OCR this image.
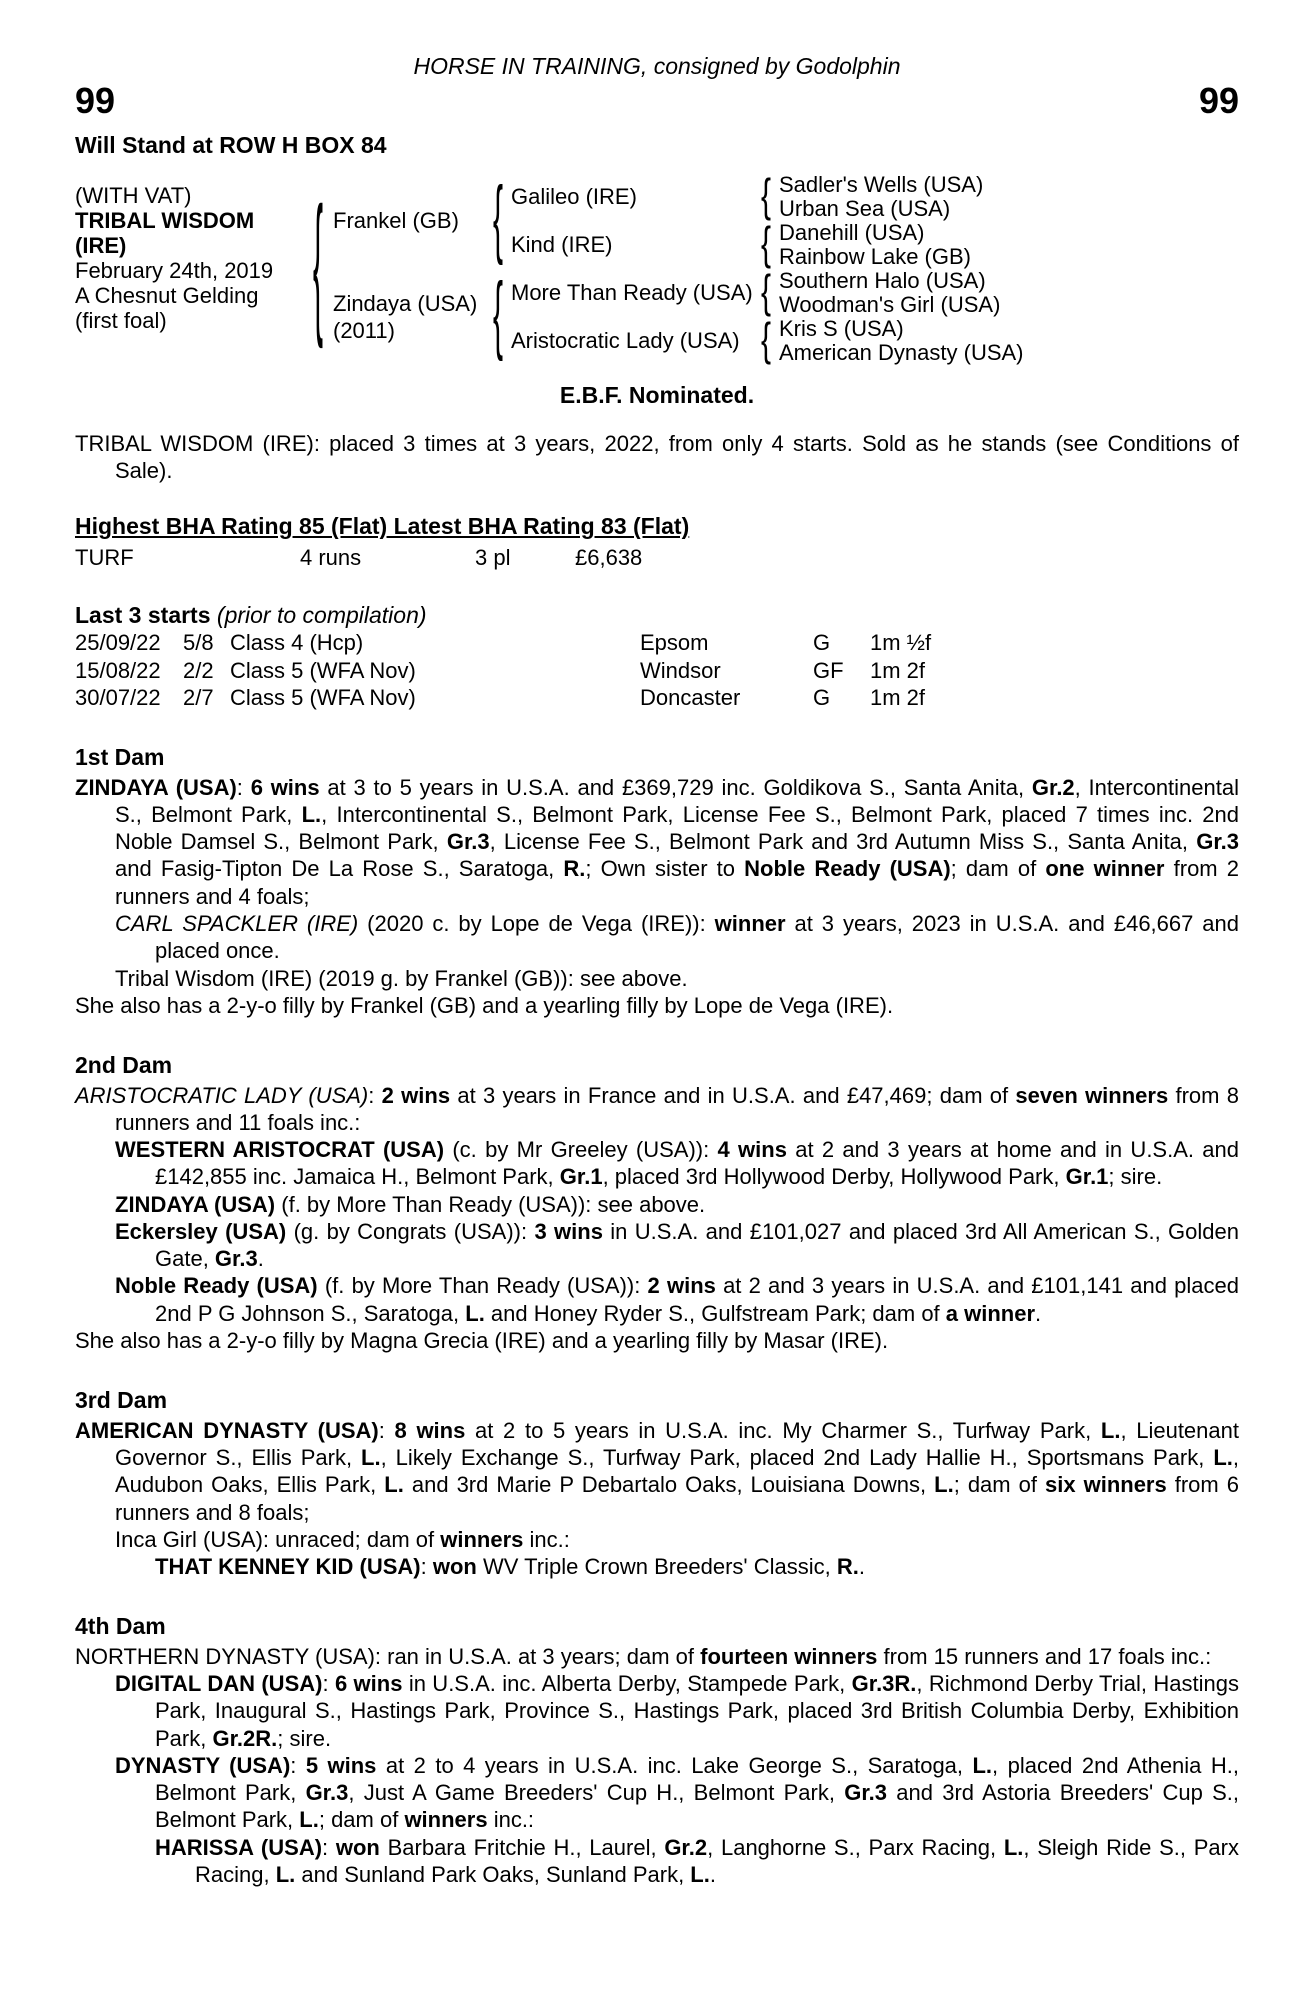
HORSE IN TRAINING, consigned by Godolphin
99	99
Will Stand at ROW H BOX 84
(WITH VAT)
TRIBAL WISDOM (IRE)
February 24th, 2019
A Chesnut Gelding
(first foal)	{ Frankel (GB)
Zindaya (USA)
(2011)
{
{
Galileo (IRE)
Kind (IRE)
More Than Ready (USA)
Aristocratic Lady (USA)
{
{
{
{
Sadler's Wells (USA)
Urban Sea (USA)
Danehill (USA)
Rainbow Lake (GB)
Southern Halo (USA)
Woodman's Girl (USA)
Kris S (USA)
American Dynasty (USA)
E.B.F. Nominated.

TRIBAL WISDOM (IRE): placed 3 times at 3 years, 2022, from only 4 starts. Sold as he stands (see Conditions of Sale).

Highest BHA Rating 85 (Flat) Latest BHA Rating 83 (Flat)
TURF	4 runs	3 pl	£6,638
Last 3 starts (prior to compilation)
25/09/22	5/8 Class 4 (Hcp)	Epsom	G	1m ½f
15/08/22	2/2 Class 5 (WFA Nov)	Windsor	GF	1m 2f
30/07/22	2/7 Class 5 (WFA Nov)	Doncaster	G	1m 2f
1st Dam

ZINDAYA (USA): 6 wins at 3 to 5 years in U.S.A. and £369,729 inc. Goldikova S., Santa Anita, Gr.2, Intercontinental S., Belmont Park, L., Intercontinental S., Belmont Park, License Fee S., Belmont Park, placed 7 times inc. 2nd Noble Damsel S., Belmont Park, Gr.3, License Fee S., Belmont Park and 3rd Autumn Miss S., Santa Anita, Gr.3 and Fasig-Tipton De La Rose S., Saratoga, R.; Own sister to Noble Ready (USA); dam of one winner from 2 runners and 4 foals;

CARL SPACKLER (IRE) (2020 c. by Lope de Vega (IRE)): winner at 3 years, 2023 in U.S.A. and £46,667 and placed once.

Tribal Wisdom (IRE) (2019 g. by Frankel (GB)): see above.

She also has a 2-y-o filly by Frankel (GB) and a yearling filly by Lope de Vega (IRE).

2nd Dam

ARISTOCRATIC LADY (USA): 2 wins at 3 years in France and in U.S.A. and £47,469; dam of seven winners from 8 runners and 11 foals inc.:

WESTERN ARISTOCRAT (USA) (c. by Mr Greeley (USA)): 4 wins at 2 and 3 years at home and in U.S.A. and £142,855 inc. Jamaica H., Belmont Park, Gr.1, placed 3rd Hollywood Derby, Hollywood Park, Gr.1; sire.

ZINDAYA (USA) (f. by More Than Ready (USA)): see above.

Eckersley (USA) (g. by Congrats (USA)): 3 wins in U.S.A. and £101,027 and placed 3rd All American S., Golden Gate, Gr.3.

Noble Ready (USA) (f. by More Than Ready (USA)): 2 wins at 2 and 3 years in U.S.A. and £101,141 and placed 2nd P G Johnson S., Saratoga, L. and Honey Ryder S., Gulfstream Park; dam of a winner.

She also has a 2-y-o filly by Magna Grecia (IRE) and a yearling filly by Masar (IRE).

3rd Dam

AMERICAN DYNASTY (USA): 8 wins at 2 to 5 years in U.S.A. inc. My Charmer S., Turfway Park, L., Lieutenant Governor S., Ellis Park, L., Likely Exchange S., Turfway Park, placed 2nd Lady Hallie H., Sportsmans Park, L., Audubon Oaks, Ellis Park, L. and 3rd Marie P Debartalo Oaks, Louisiana Downs, L.; dam of six winners from 6 runners and 8 foals;

Inca Girl (USA): unraced; dam of winners inc.:

THAT KENNEY KID (USA): won WV Triple Crown Breeders' Classic, R..

4th Dam

NORTHERN DYNASTY (USA): ran in U.S.A. at 3 years; dam of fourteen winners from 15 runners and 17 foals inc.:

DIGITAL DAN (USA): 6 wins in U.S.A. inc. Alberta Derby, Stampede Park, Gr.3R., Richmond Derby Trial, Hastings Park, Inaugural S., Hastings Park, Province S., Hastings Park, placed 3rd British Columbia Derby, Exhibition Park, Gr.2R.; sire.

DYNASTY (USA): 5 wins at 2 to 4 years in U.S.A. inc. Lake George S., Saratoga, L., placed 2nd Athenia H., Belmont Park, Gr.3, Just A Game Breeders' Cup H., Belmont Park, Gr.3 and 3rd Astoria Breeders' Cup S., Belmont Park, L.; dam of winners inc.:

HARISSA (USA): won Barbara Fritchie H., Laurel, Gr.2, Langhorne S., Parx Racing, L., Sleigh Ride S., Parx Racing, L. and Sunland Park Oaks, Sunland Park, L..
